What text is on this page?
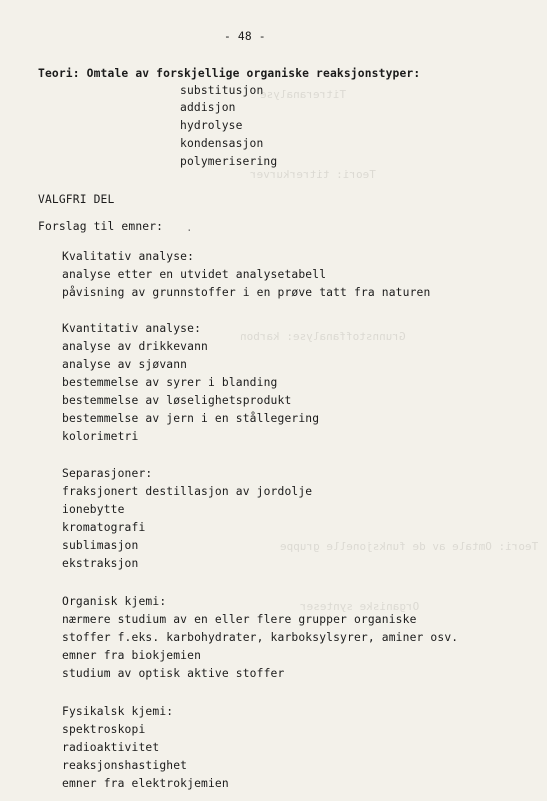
Titreranalyse
Teori: titrerkurver
Grunnstoffanalyse: karbon
Teori: Omtale av de funksjonelle gruppe
Organiske synteser
- 48 -
Teori: Omtale av forskjellige organiske reaksjonstyper:
substitusjon
addisjon
hydrolyse
kondensasjon
polymerisering
VALGFRI DEL
Forslag til emner: .
Kvalitativ analyse:
analyse etter en utvidet analysetabell
påvisning av grunnstoffer i en prøve tatt fra naturen
Kvantitativ analyse:
analyse av drikkevann
analyse av sjøvann
bestemmelse av syrer i blanding
bestemmelse av løselighetsprodukt
bestemmelse av jern i en stållegering
kolorimetri
Separasjoner:
fraksjonert destillasjon av jordolje
ionebytte
kromatografi
sublimasjon
ekstraksjon
Organisk kjemi:
nærmere studium av en eller flere grupper organiske
stoffer f.eks. karbohydrater, karboksylsyrer, aminer osv.
emner fra biokjemien
studium av optisk aktive stoffer
Fysikalsk kjemi:
spektroskopi
radioaktivitet
reaksjonshastighet
emner fra elektrokjemien
